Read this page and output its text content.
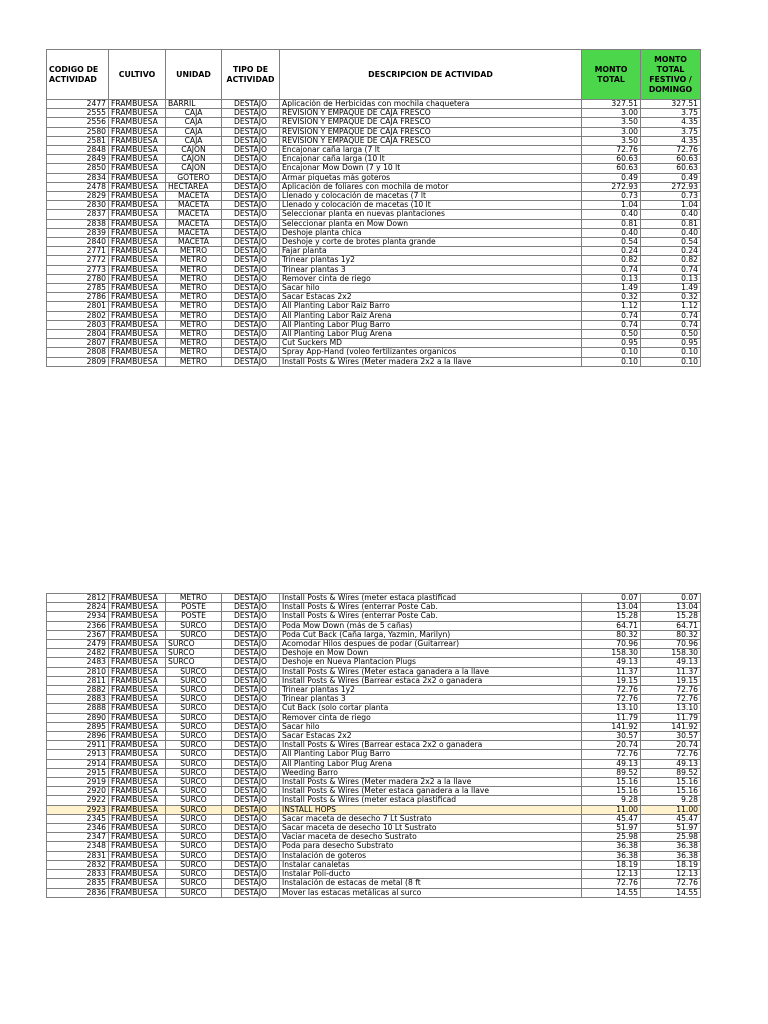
CODIGO DE ACTIVIDAD	CULTIVO	UNIDAD	TIPO DE ACTIVIDAD	DESCRIPCION DE ACTIVIDAD	MONTO TOTAL	MONTO TOTAL FESTIVO / DOMINGO
2477	FRAMBUESA	BARRIL	DESTAJO	Aplicación de Herbicidas con mochila chaquetera	327.51	327.51
2555	FRAMBUESA	CAJA	DESTAJO	REVISION Y EMPAQUE DE CAJA FRESCO	3.00	3.75
2556	FRAMBUESA	CAJA	DESTAJO	REVISION Y EMPAQUE DE CAJA FRESCO	3.50	4.35
2580	FRAMBUESA	CAJA	DESTAJO	REVISION Y EMPAQUE DE CAJA FRESCO	3.00	3.75
2581	FRAMBUESA	CAJA	DESTAJO	REVISION Y EMPAQUE DE CAJA FRESCO	3.50	4.35
2848	FRAMBUESA	CAJON	DESTAJO	Encajonar caña larga (7 lt	72.76	72.76
2849	FRAMBUESA	CAJON	DESTAJO	Encajonar caña larga (10 lt	60.63	60.63
2850	FRAMBUESA	CAJON	DESTAJO	Encajonar Mow Down (7 y 10 lt	60.63	60.63
2834	FRAMBUESA	GOTERO	DESTAJO	Armar piquetas más goteros	0.49	0.49
2478	FRAMBUESA	HECTAREA	DESTAJO	Aplicación de foliares con mochila de motor	272.93	272.93
2829	FRAMBUESA	MACETA	DESTAJO	Llenado y colocación de macetas (7 lt	0.73	0.73
2830	FRAMBUESA	MACETA	DESTAJO	Llenado y colocación de macetas (10 lt	1.04	1.04
2837	FRAMBUESA	MACETA	DESTAJO	Seleccionar planta en nuevas plantaciones	0.40	0.40
2838	FRAMBUESA	MACETA	DESTAJO	Seleccionar planta en Mow Down	0.81	0.81
2839	FRAMBUESA	MACETA	DESTAJO	Deshoje planta chica	0.40	0.40
2840	FRAMBUESA	MACETA	DESTAJO	Deshoje y corte de brotes planta grande	0.54	0.54
2771	FRAMBUESA	METRO	DESTAJO	Fajar planta	0.24	0.24
2772	FRAMBUESA	METRO	DESTAJO	Trinear plantas 1y2	0.82	0.82
2773	FRAMBUESA	METRO	DESTAJO	Trinear plantas 3	0.74	0.74
2780	FRAMBUESA	METRO	DESTAJO	Remover cinta de riego	0.13	0.13
2785	FRAMBUESA	METRO	DESTAJO	Sacar hilo	1.49	1.49
2786	FRAMBUESA	METRO	DESTAJO	Sacar Estacas 2x2	0.32	0.32
2801	FRAMBUESA	METRO	DESTAJO	All Planting Labor Raiz Barro	1.12	1.12
2802	FRAMBUESA	METRO	DESTAJO	All Planting Labor Raiz Arena	0.74	0.74
2803	FRAMBUESA	METRO	DESTAJO	All Planting Labor Plug Barro	0.74	0.74
2804	FRAMBUESA	METRO	DESTAJO	All Planting Labor Plug Arena	0.50	0.50
2807	FRAMBUESA	METRO	DESTAJO	Cut Suckers MD	0.95	0.95
2808	FRAMBUESA	METRO	DESTAJO	Spray App-Hand (voleo fertilizantes organicos	0.10	0.10
2809	FRAMBUESA	METRO	DESTAJO	Install Posts & Wires (Meter madera 2x2 a la llave	0.10	0.10
2812	FRAMBUESA	METRO	DESTAJO	Install Posts & Wires (meter estaca plastificad	0.07	0.07
2824	FRAMBUESA	POSTE	DESTAJO	Install Posts & Wires (enterrar Poste Cab.	13.04	13.04
2934	FRAMBUESA	POSTE	DESTAJO	Install Posts & Wires (enterrar Poste Cab.	15.28	15.28
2366	FRAMBUESA	SURCO	DESTAJO	Poda Mow Down (más de 5 cañas)	64.71	64.71
2367	FRAMBUESA	SURCO	DESTAJO	Poda Cut Back (Caña larga, Yazmin, Marilyn)	80.32	80.32
2479	FRAMBUESA	SURCO	DESTAJO	Acomodar Hilos despues de podar (Guitarrear)	70.96	70.96
2482	FRAMBUESA	SURCO	DESTAJO	Deshoje en Mow Down	158.30	158.30
2483	FRAMBUESA	SURCO	DESTAJO	Deshoje en Nueva Plantacion Plugs	49.13	49.13
2810	FRAMBUESA	SURCO	DESTAJO	Install Posts & Wires (Meter estaca ganadera a la llave	11.37	11.37
2811	FRAMBUESA	SURCO	DESTAJO	Install Posts & Wires (Barrear estaca 2x2 o ganadera	19.15	19.15
2882	FRAMBUESA	SURCO	DESTAJO	Trinear plantas 1y2	72.76	72.76
2883	FRAMBUESA	SURCO	DESTAJO	Trinear plantas 3	72.76	72.76
2888	FRAMBUESA	SURCO	DESTAJO	Cut Back (solo cortar planta	13.10	13.10
2890	FRAMBUESA	SURCO	DESTAJO	Remover cinta de riego	11.79	11.79
2895	FRAMBUESA	SURCO	DESTAJO	Sacar hilo	141.92	141.92
2896	FRAMBUESA	SURCO	DESTAJO	Sacar Estacas 2x2	30.57	30.57
2911	FRAMBUESA	SURCO	DESTAJO	Install Posts & Wires (Barrear estaca 2x2 o ganadera	20.74	20.74
2913	FRAMBUESA	SURCO	DESTAJO	All Planting Labor Plug Barro	72.76	72.76
2914	FRAMBUESA	SURCO	DESTAJO	All Planting Labor Plug Arena	49.13	49.13
2915	FRAMBUESA	SURCO	DESTAJO	Weeding Barro	89.52	89.52
2919	FRAMBUESA	SURCO	DESTAJO	Install Posts & Wires (Meter madera 2x2 a la llave	15.16	15.16
2920	FRAMBUESA	SURCO	DESTAJO	Install Posts & Wires (Meter estaca ganadera a la llave	15.16	15.16
2922	FRAMBUESA	SURCO	DESTAJO	Install Posts & Wires (meter estaca plastificad	9.28	9.28
2923	FRAMBUESA	SURCO	DESTAJO	INSTALL HOPS	11.00	11.00
2345	FRAMBUESA	SURCO	DESTAJO	Sacar maceta de desecho 7 Lt Sustrato	45.47	45.47
2346	FRAMBUESA	SURCO	DESTAJO	Sacar maceta de desecho 10 Lt Sustrato	51.97	51.97
2347	FRAMBUESA	SURCO	DESTAJO	Vaciar maceta de desecho Sustrato	25.98	25.98
2348	FRAMBUESA	SURCO	DESTAJO	Poda para desecho Substrato	36.38	36.38
2831	FRAMBUESA	SURCO	DESTAJO	Instalación de goteros	36.38	36.38
2832	FRAMBUESA	SURCO	DESTAJO	Instalar canaletas	18.19	18.19
2833	FRAMBUESA	SURCO	DESTAJO	Instalar Poli-ducto	12.13	12.13
2835	FRAMBUESA	SURCO	DESTAJO	Instalación de estacas de metal (8 ft	72.76	72.76
2836	FRAMBUESA	SURCO	DESTAJO	Mover las estacas metálicas al surco	14.55	14.55
